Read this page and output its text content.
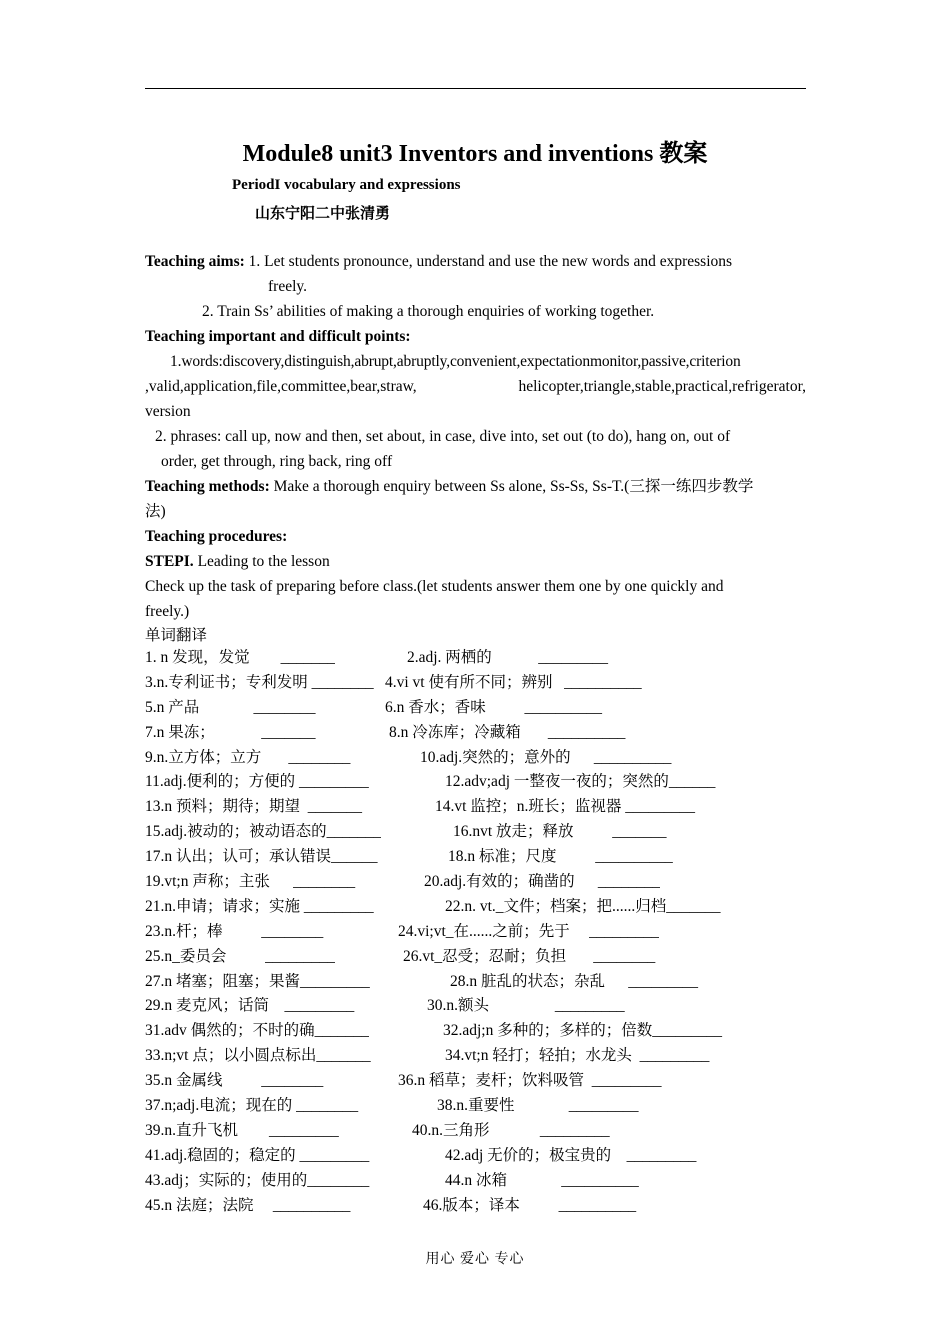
Module8 unit3 Inventors and inventions 教案
PeriodI vocabulary and expressions
山东宁阳二中张清勇
Teaching aims: 1. Let students pronounce, understand and use the new words and expressions
freely.
2. Train Ss’ abilities of making a thorough enquiries of working together.
Teaching important and difficult points:
1.words:discovery,distinguish,abrupt,abruptly,convenient,expectationmonitor,passive,criterion
,valid,application,file,committee,bear,straw,	helicopter,triangle,stable,practical,refrigerator,
version
2. phrases: call up, now and then, set about, in case, dive into, set out (to do), hang on, out of
order, get through, ring back, ring off
Teaching methods: Make a thorough enquiry between Ss alone, Ss-Ss, Ss-T.(三探一练四步教学
法)
Teaching procedures:
STEPI. Leading to the lesson
Check up the task of preparing before class.(let students answer them one by one quickly and
freely.)
单词翻译
1. n 发现，发觉        _______	2.adj. 两栖的            _________
3.n.专利证书；专利发明 ________ 4.vi vt 使有所不同；辨别   __________
5.n 产品              ________	6.n 香水；香味          __________
7.n 果冻；            _______	8.n 冷冻库；冷藏箱       __________
9.n.立方体；立方       ________	10.adj.突然的；意外的      __________
11.adj.便利的；方便的 _________	12.adv;adj 一整夜一夜的；突然的______
13.n 预料；期待；期望  _______	14.vt 监控；n.班长；监视器 _________
15.adj.被动的；被动语态的_______	16.nvt 放走；释放          _______
17.n 认出；认可；承认错误______	18.n 标准；尺度          __________
19.vt;n 声称；主张      ________	20.adj.有效的；确凿的      ________
21.n.申请；请求；实施 _________	22.n. vt._文件；档案；把......归档_______
23.n.杆；棒          ________	24.vi;vt_在......之前；先于     _________
25.n_委员会          _________	26.vt_忍受；忍耐；负担       ________
27.n 堵塞；阻塞；果酱_________	28.n 脏乱的状态；杂乱      _________
29.n 麦克风；话筒    _________	30.n.额头                 _________
31.adv 偶然的；不时的确_______	32.adj;n 多种的；多样的；倍数_________
33.n;vt 点；以小圆点标出_______	34.vt;n 轻打；轻拍；水龙头  _________
35.n 金属线          ________	36.n 稻草；麦杆；饮料吸管  _________
37.n;adj.电流；现在的 ________	38.n.重要性              _________
39.n.直升飞机        _________	40.n.三角形             _________
41.adj.稳固的；稳定的 _________	42.adj 无价的；极宝贵的    _________
43.adj；实际的；使用的________	44.n 冰箱              __________
45.n 法庭；法院     __________	46.版本；译本          __________
用心 爱心 专心
